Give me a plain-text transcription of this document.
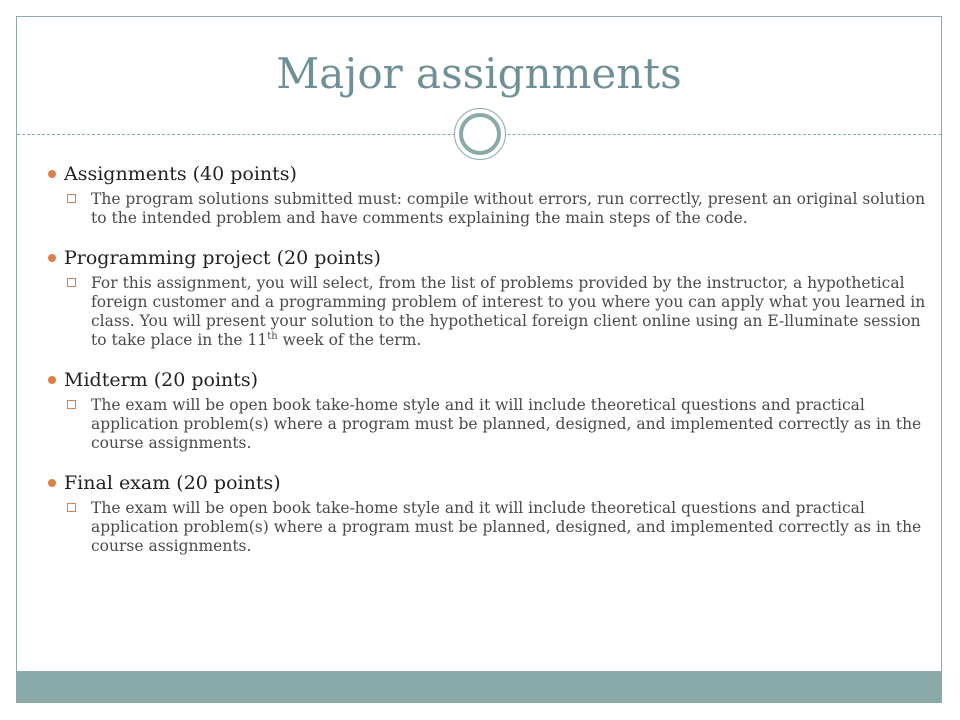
Major assignments
Assignments (40 points)
The program solutions submitted must: compile without errors, run correctly, present an original solution to the intended problem and have comments explaining the main steps of the code.
Programming project (20 points)
For this assignment, you will select, from the list of problems provided by the instructor, a hypothetical foreign customer and a programming problem of interest to you where you can apply what you learned in class. You will present your solution to the hypothetical foreign client online using an E-lluminate session to take place in the 11th week of the term.
Midterm (20 points)
The exam will be open book take-home style and it will include theoretical questions and practical application problem(s) where a program must be planned, designed, and implemented correctly as in the course assignments.
Final exam (20 points)
The exam will be open book take-home style and it will include theoretical questions and practical application problem(s) where a program must be planned, designed, and implemented correctly as in the course assignments.
